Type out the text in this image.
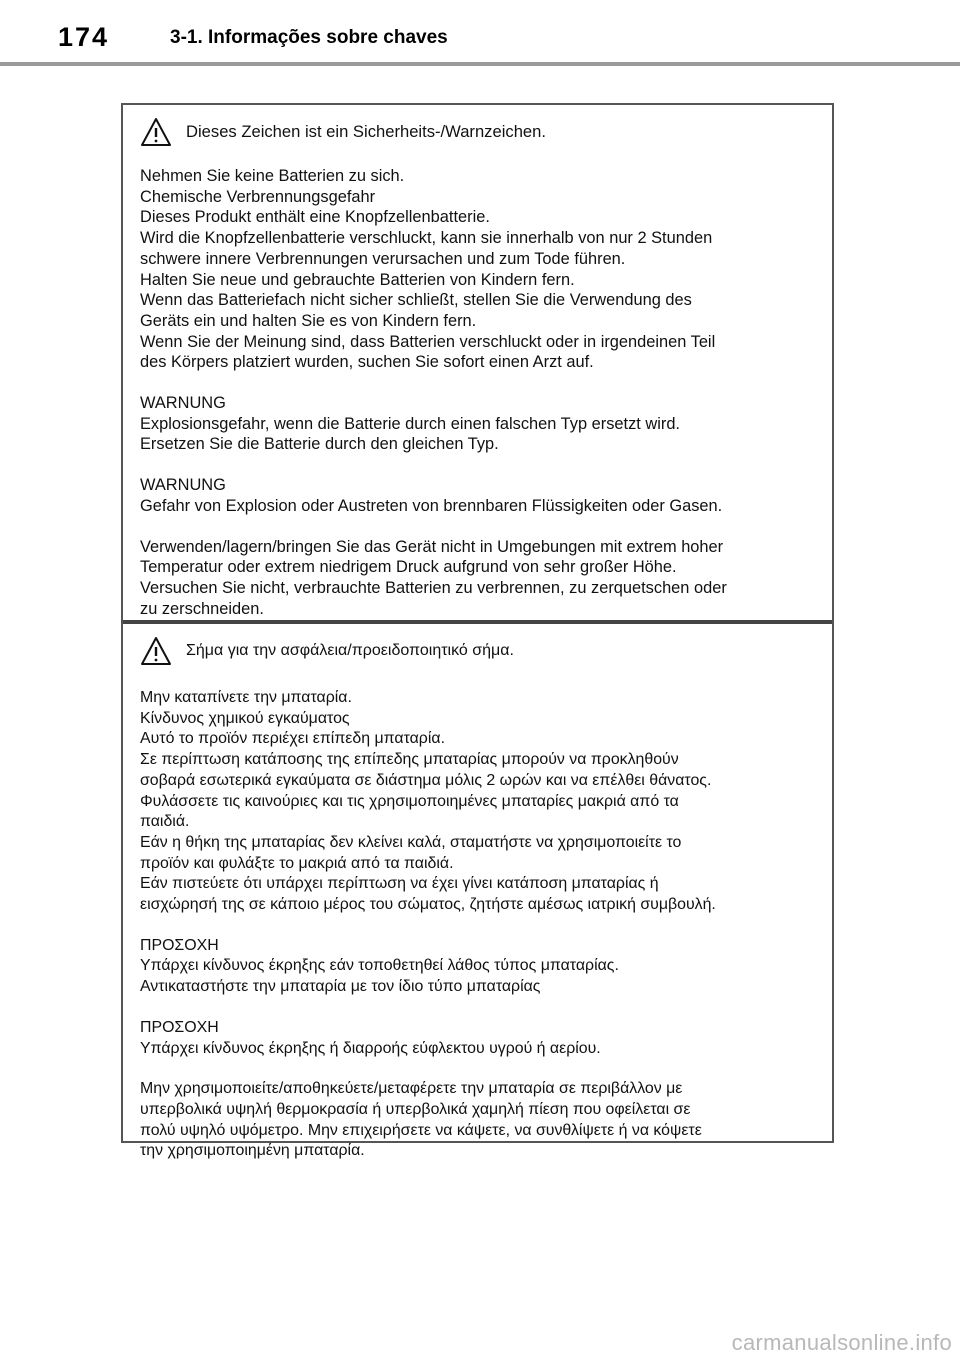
174	3-1. Informações sobre chaves
Dieses Zeichen ist ein Sicherheits-/Warnzeichen.

Nehmen Sie keine Batterien zu sich.

Chemische Verbrennungsgefahr

Dieses Produkt enthält eine Knopfzellenbatterie.

Wird die Knopfzellenbatterie verschluckt, kann sie innerhalb von nur 2 Stunden

schwere innere Verbrennungen verursachen und zum Tode führen.

Halten Sie neue und gebrauchte Batterien von Kindern fern.

Wenn das Batteriefach nicht sicher schließt, stellen Sie die Verwendung des

Geräts ein und halten Sie es von Kindern fern.

Wenn Sie der Meinung sind, dass Batterien verschluckt oder in irgendeinen Teil

des Körpers platziert wurden, suchen Sie sofort einen Arzt auf.

WARNUNG

Explosionsgefahr, wenn die Batterie durch einen falschen Typ ersetzt wird.

Ersetzen Sie die Batterie durch den gleichen Typ.

WARNUNG

Gefahr von Explosion oder Austreten von brennbaren Flüssigkeiten oder Gasen.

Verwenden/lagern/bringen Sie das Gerät nicht in Umgebungen mit extrem hoher

Temperatur oder extrem niedrigem Druck aufgrund von sehr großer Höhe.

Versuchen Sie nicht, verbrauchte Batterien zu verbrennen, zu zerquetschen oder

zu zerschneiden.

Σήμα για την ασφάλεια/προειδοποιητικό σήμα.

Μην καταπίνετε την μπαταρία.

Κίνδυνος χημικού εγκαύματος

Αυτό το προϊόν περιέχει επίπεδη μπαταρία.

Σε περίπτωση κατάποσης της επίπεδης μπαταρίας μπορούν να προκληθούν

σοβαρά εσωτερικά εγκαύματα σε διάστημα μόλις 2 ωρών και να επέλθει θάνατος.

Φυλάσσετε τις καινούριες και τις χρησιμοποιημένες μπαταρίες μακριά από τα

παιδιά.

Εάν η θήκη της μπαταρίας δεν κλείνει καλά, σταματήστε να χρησιμοποιείτε το

προϊόν και φυλάξτε το μακριά από τα παιδιά.

Εάν πιστεύετε ότι υπάρχει περίπτωση να έχει γίνει κατάποση μπαταρίας ή

εισχώρησή της σε κάποιο μέρος του σώματος, ζητήστε αμέσως ιατρική συμβουλή.

ΠΡΟΣΟΧΗ

Υπάρχει κίνδυνος έκρηξης εάν τοποθετηθεί λάθος τύπος μπαταρίας.

Αντικαταστήστε την μπαταρία με τον ίδιο τύπο μπαταρίας

ΠΡΟΣΟΧΗ

Υπάρχει κίνδυνος έκρηξης ή διαρροής εύφλεκτου υγρού ή αερίου.

Μην χρησιμοποιείτε/αποθηκεύετε/μεταφέρετε την μπαταρία σε περιβάλλον με

υπερβολικά υψηλή θερμοκρασία ή υπερβολικά χαμηλή πίεση που οφείλεται σε

πολύ υψηλό υψόμετρο. Μην επιχειρήσετε να κάψετε, να συνθλίψετε ή να κόψετε

την χρησιμοποιημένη μπαταρία.

carmanualsonline.info
